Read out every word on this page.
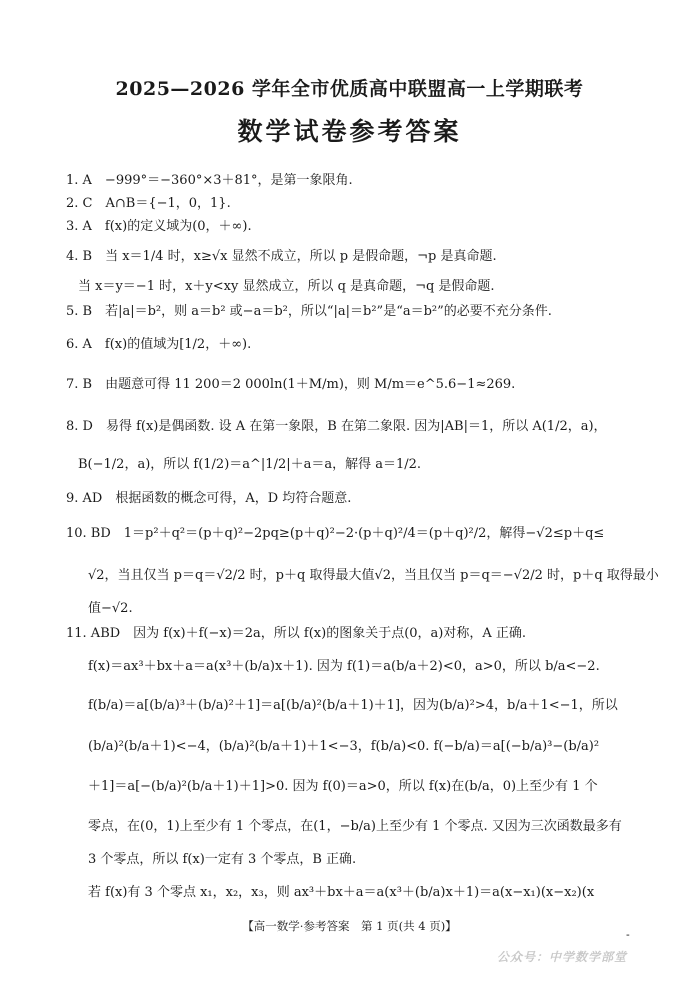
2025—2026 学年全市优质高中联盟高一上学期联考
数学试卷参考答案
1. A　−999°＝−360°×3＋81°，是第一象限角.
2. C　A∩B＝{−1，0，1}.
3. A　f(x)的定义域为(0，＋∞).
4. B　当 x＝1/4 时，x≥√x 显然不成立，所以 p 是假命题，¬p 是真命题.
当 x＝y＝−1 时，x＋y<xy 显然成立，所以 q 是真命题，¬q 是假命题.
5. B　若|a|＝b²，则 a＝b² 或−a＝b²，所以“|a|＝b²”是“a＝b²”的必要不充分条件.
6. A　f(x)的值域为[1/2，＋∞).
7. B　由题意可得 11 200＝2 000ln(1＋M/m)，则 M/m＝e^5.6−1≈269.
8. D　易得 f(x)是偶函数. 设 A 在第一象限，B 在第二象限. 因为|AB|＝1，所以 A(1/2，a)，
B(−1/2，a)，所以 f(1/2)＝a^|1/2|＋a＝a，解得 a＝1/2.
9. AD　根据函数的概念可得，A，D 均符合题意.
10. BD　1＝p²＋q²＝(p＋q)²−2pq≥(p＋q)²−2·(p＋q)²/4＝(p＋q)²/2，解得−√2≤p＋q≤
√2，当且仅当 p＝q＝√2/2 时，p＋q 取得最大值√2，当且仅当 p＝q＝−√2/2 时，p＋q 取得最小
值−√2.
11. ABD　因为 f(x)＋f(−x)＝2a，所以 f(x)的图象关于点(0，a)对称，A 正确.
f(x)＝ax³＋bx＋a＝a(x³＋(b/a)x＋1). 因为 f(1)＝a(b/a＋2)<0，a>0，所以 b/a<−2.
f(b/a)＝a[(b/a)³＋(b/a)²＋1]＝a[(b/a)²(b/a＋1)＋1]，因为(b/a)²>4，b/a＋1<−1，所以
(b/a)²(b/a＋1)<−4，(b/a)²(b/a＋1)＋1<−3，f(b/a)<0. f(−b/a)＝a[(−b/a)³−(b/a)²
＋1]＝a[−(b/a)²(b/a＋1)＋1]>0. 因为 f(0)＝a>0，所以 f(x)在(b/a，0)上至少有 1 个
零点，在(0，1)上至少有 1 个零点，在(1，−b/a)上至少有 1 个零点. 又因为三次函数最多有
3 个零点，所以 f(x)一定有 3 个零点，B 正确.
若 f(x)有 3 个零点 x₁，x₂，x₃，则 ax³＋bx＋a＝a(x³＋(b/a)x＋1)＝a(x−x₁)(x−x₂)(x
【高一数学·参考答案　第 1 页(共 4 页)】
-
公众号：中学数学部堂
